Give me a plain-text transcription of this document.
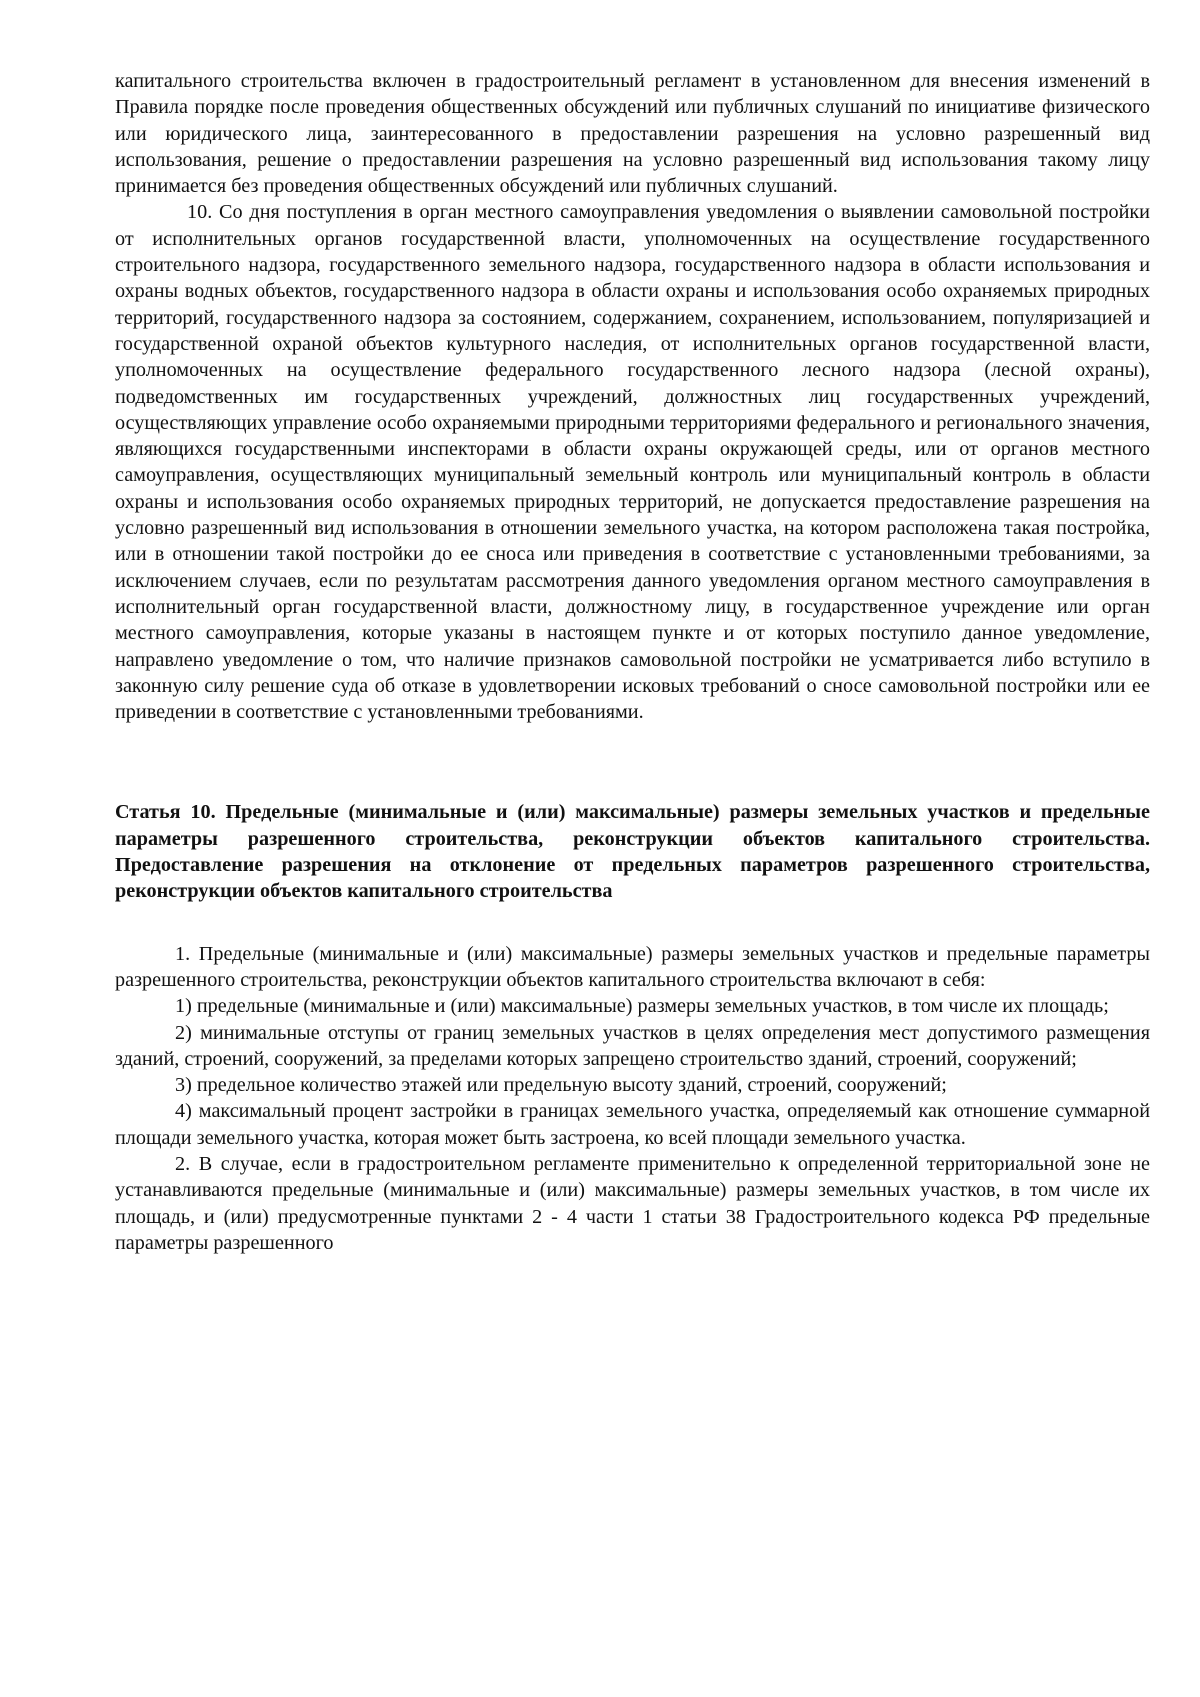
капитального строительства включен в градостроительный регламент в установленном для внесения изменений в Правила порядке после проведения общественных обсуждений или публичных слушаний по инициативе физического или юридического лица, заинтересованного в предоставлении разрешения на условно разрешенный вид использования, решение о предоставлении разрешения на условно разрешенный вид использования такому лицу принимается без проведения общественных обсуждений или публичных слушаний.

10. Со дня поступления в орган местного самоуправления уведомления о выявлении самовольной постройки от исполнительных органов государственной власти, уполномоченных на осуществление государственного строительного надзора, государственного земельного надзора, государственного надзора в области использования и охраны водных объектов, государственного надзора в области охраны и использования особо охраняемых природных территорий, государственного надзора за состоянием, содержанием, сохранением, использованием, популяризацией и государственной охраной объектов культурного наследия, от исполнительных органов государственной власти, уполномоченных на осуществление федерального государственного лесного надзора (лесной охраны), подведомственных им государственных учреждений, должностных лиц государственных учреждений, осуществляющих управление особо охраняемыми природными территориями федерального и регионального значения, являющихся государственными инспекторами в области охраны окружающей среды, или от органов местного самоуправления, осуществляющих муниципальный земельный контроль или муниципальный контроль в области охраны и использования особо охраняемых природных территорий, не допускается предоставление разрешения на условно разрешенный вид использования в отношении земельного участка, на котором расположена такая постройка, или в отношении такой постройки до ее сноса или приведения в соответствие с установленными требованиями, за исключением случаев, если по результатам рассмотрения данного уведомления органом местного самоуправления в исполнительный орган государственной власти, должностному лицу, в государственное учреждение или орган местного самоуправления, которые указаны в настоящем пункте и от которых поступило данное уведомление, направлено уведомление о том, что наличие признаков самовольной постройки не усматривается либо вступило в законную силу решение суда об отказе в удовлетворении исковых требований о сносе самовольной постройки или ее приведении в соответствие с установленными требованиями.

Статья 10. Предельные (минимальные и (или) максимальные) размеры земельных участков и предельные параметры разрешенного строительства, реконструкции объектов капитального строительства. Предоставление разрешения на отклонение от предельных параметров разрешенного строительства, реконструкции объектов капитального строительства

1. Предельные (минимальные и (или) максимальные) размеры земельных участков и предельные параметры разрешенного строительства, реконструкции объектов капитального строительства включают в себя:

1) предельные (минимальные и (или) максимальные) размеры земельных участков, в том числе их площадь;

2) минимальные отступы от границ земельных участков в целях определения мест допустимого размещения зданий, строений, сооружений, за пределами которых запрещено строительство зданий, строений, сооружений;

3) предельное количество этажей или предельную высоту зданий, строений, сооружений;

4) максимальный процент застройки в границах земельного участка, определяемый как отношение суммарной площади земельного участка, которая может быть застроена, ко всей площади земельного участка.

2. В случае, если в градостроительном регламенте применительно к определенной территориальной зоне не устанавливаются предельные (минимальные и (или) максимальные) размеры земельных участков, в том числе их площадь, и (или) предусмотренные пунктами 2 - 4 части 1 статьи 38 Градостроительного кодекса РФ предельные параметры разрешенного
